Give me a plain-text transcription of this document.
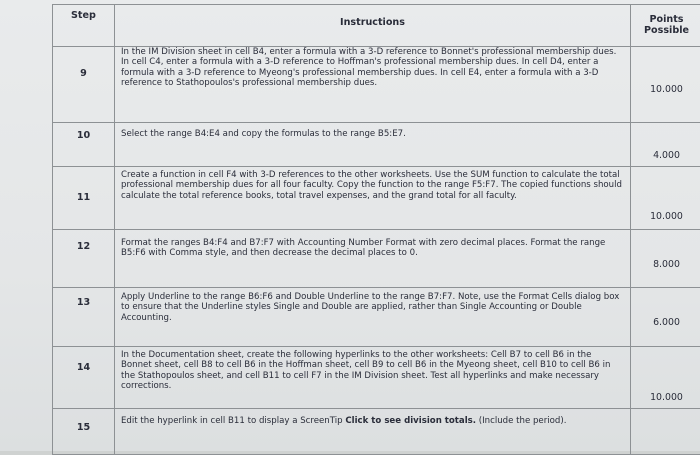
Step	Instructions	Points
Possible
9	In the IM Division sheet in cell B4, enter a formula with a 3-D reference to Bonnet's professional membership dues. In cell C4, enter a formula with a 3-D reference to Hoffman's professional membership dues. In cell D4, enter a formula with a 3-D reference to Myeong's professional membership dues. In cell E4, enter a formula with a 3-D reference to Stathopoulos's professional membership dues.	10.000
10	Select the range B4:E4 and copy the formulas to the range B5:E7.	4.000
11	Create a function in cell F4 with 3-D references to the other worksheets. Use the SUM function to calculate the total professional membership dues for all four faculty. Copy the function to the range F5:F7. The copied functions should calculate the total reference books, total travel expenses, and the grand total for all faculty.	10.000
12	Format the ranges B4:F4 and B7:F7 with Accounting Number Format with zero decimal places. Format the range B5:F6 with Comma style, and then decrease the decimal places to 0.	8.000
13	Apply Underline to the range B6:F6 and Double Underline to the range B7:F7. Note, use the Format Cells dialog box to ensure that the Underline styles Single and Double are applied, rather than Single Accounting or Double Accounting.	6.000
14	In the Documentation sheet, create the following hyperlinks to the other worksheets: Cell B7 to cell B6 in the Bonnet sheet, cell B8 to cell B6 in the Hoffman sheet, cell B9 to cell B6 in the Myeong sheet, cell B10 to cell B6 in the Stathopoulos sheet, and cell B11 to cell F7 in the IM Division sheet. Test all hyperlinks and make necessary corrections.	10.000
15	Edit the hyperlink in cell B11 to display a ScreenTip Click to see division totals. (Include the period).	
